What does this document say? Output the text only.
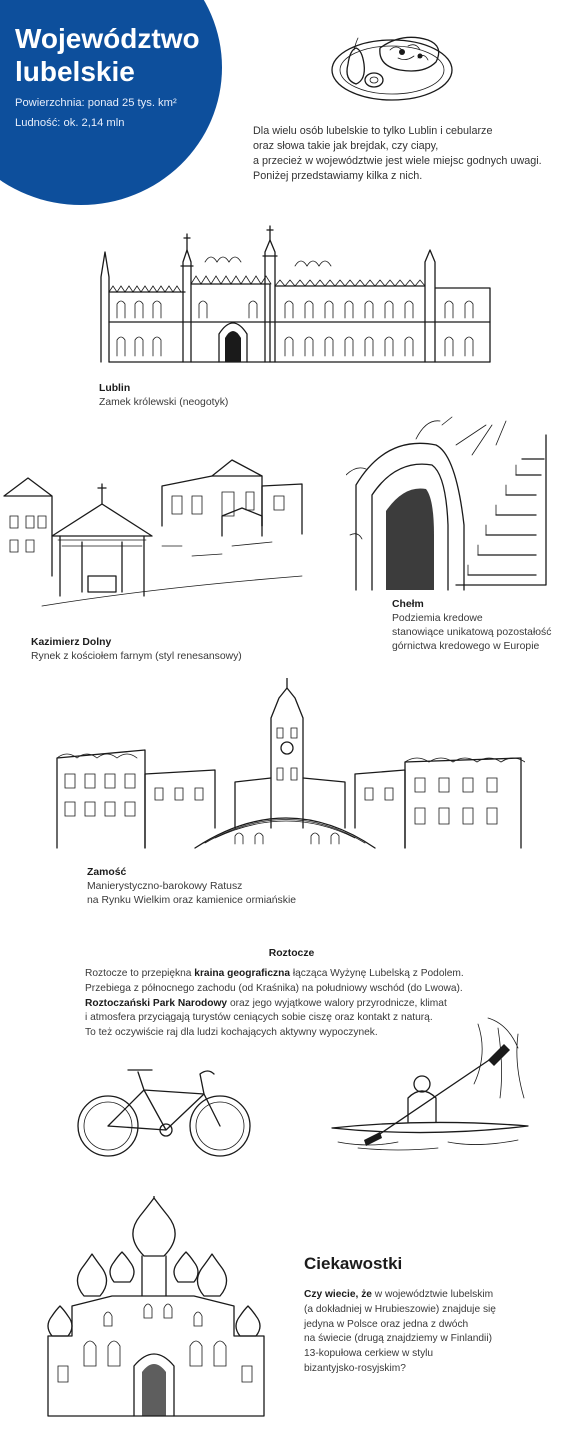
Województwo
lubelskie
Powierzchnia: ponad 25 tys. km²
Ludność: ok. 2,14 mln
Dla wielu osób lubelskie to tylko Lublin i cebularze
oraz słowa takie jak brejdak, czy ciapy,
a przecież w województwie jest wiele miejsc godnych uwagi.
Poniżej przedstawiamy kilka z nich.
Lublin
Zamek królewski (neogotyk)
Kazimierz Dolny
Rynek z kościołem farnym (styl renesansowy)
Chełm
Podziemia kredowe
stanowiące unikatową pozostałość
górnictwa kredowego w Europie
Zamość
Manierystyczno-barokowy Ratusz
na Rynku Wielkim oraz kamienice ormiańskie
Roztocze
Roztocze to przepiękna kraina geograficzna łącząca Wyżynę Lubelską z Podolem.
Przebiega z północnego zachodu (od Kraśnika) na południowy wschód (do Lwowa).
Roztoczański Park Narodowy oraz jego wyjątkowe walory przyrodnicze, klimat
i atmosfera przyciągają turystów ceniących sobie ciszę oraz kontakt z naturą.
To też oczywiście raj dla ludzi kochających aktywny wypoczynek.
Ciekawostki
Czy wiecie, że w województwie lubelskim
(a dokładniej w Hrubieszowie) znajduje się
jedyna w Polsce oraz jedna z dwóch
na świecie (drugą znajdziemy w Finlandii)
13-kopułowa cerkiew w stylu
bizantyjsko-rosyjskim?
